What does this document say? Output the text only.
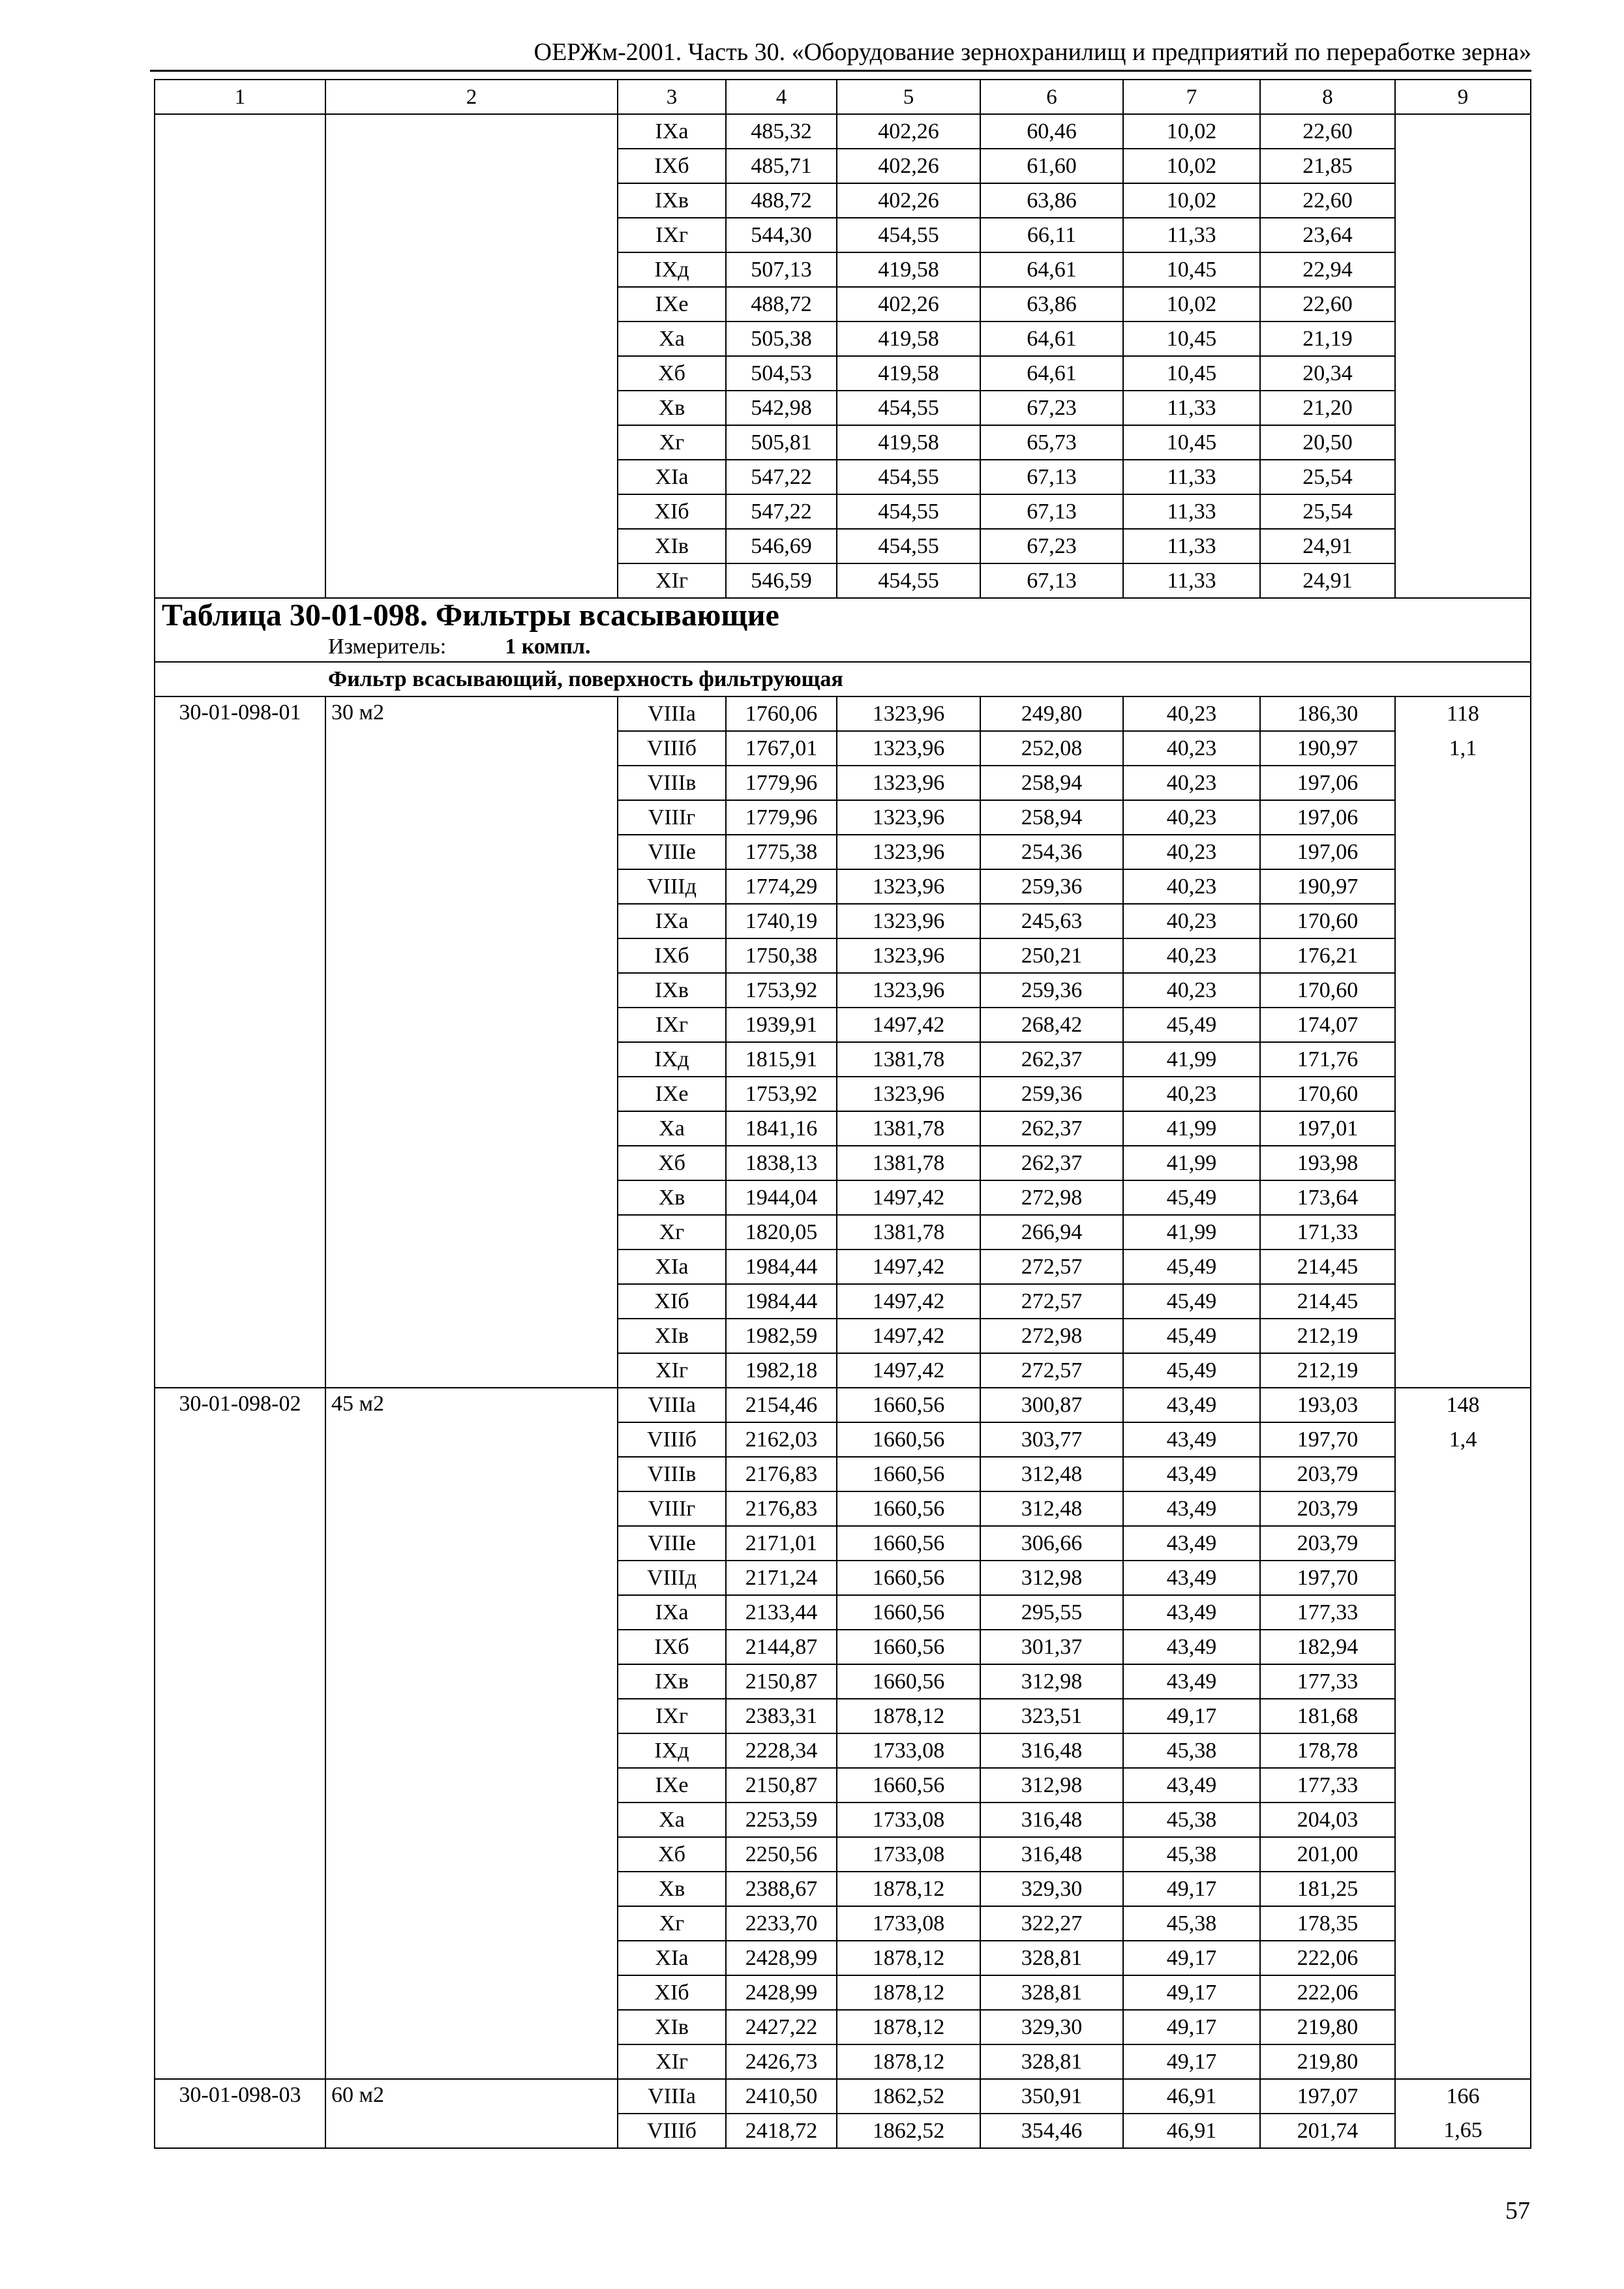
ОЕРЖм-2001. Часть 30. «Оборудование зернохранилищ и предприятий по переработке зерна»
1	2	3	4	5	6	7	8	9
		IXa	485,32	402,26	60,46	10,02	22,60	
		IXб	485,71	402,26	61,60	10,02	21,85	
		IXв	488,72	402,26	63,86	10,02	22,60	
		IXг	544,30	454,55	66,11	11,33	23,64	
		IXд	507,13	419,58	64,61	10,45	22,94	
		IXe	488,72	402,26	63,86	10,02	22,60	
		Xa	505,38	419,58	64,61	10,45	21,19	
		Xб	504,53	419,58	64,61	10,45	20,34	
		Xв	542,98	454,55	67,23	11,33	21,20	
		Xг	505,81	419,58	65,73	10,45	20,50	
		XIa	547,22	454,55	67,13	11,33	25,54	
		XIб	547,22	454,55	67,13	11,33	25,54	
		XIв	546,69	454,55	67,23	11,33	24,91	
		XIг	546,59	454,55	67,13	11,33	24,91	
Таблица 30-01-098. Фильтры всасывающие								
Измеритель: 1 компл.								
Фильтр всасывающий, поверхность фильтрующая								
30-01-098-01	30 м2	VIIIa	1760,06	1323,96	249,80	40,23	186,30	118
		VIIIб	1767,01	1323,96	252,08	40,23	190,97	1,1
		VIIIв	1779,96	1323,96	258,94	40,23	197,06	
		VIIIг	1779,96	1323,96	258,94	40,23	197,06	
		VIIIe	1775,38	1323,96	254,36	40,23	197,06	
		VIIIд	1774,29	1323,96	259,36	40,23	190,97	
		IXa	1740,19	1323,96	245,63	40,23	170,60	
		IXб	1750,38	1323,96	250,21	40,23	176,21	
		IXв	1753,92	1323,96	259,36	40,23	170,60	
		IXг	1939,91	1497,42	268,42	45,49	174,07	
		IXд	1815,91	1381,78	262,37	41,99	171,76	
		IXe	1753,92	1323,96	259,36	40,23	170,60	
		Xa	1841,16	1381,78	262,37	41,99	197,01	
		Xб	1838,13	1381,78	262,37	41,99	193,98	
		Xв	1944,04	1497,42	272,98	45,49	173,64	
		Xг	1820,05	1381,78	266,94	41,99	171,33	
		XIa	1984,44	1497,42	272,57	45,49	214,45	
		XIб	1984,44	1497,42	272,57	45,49	214,45	
		XIв	1982,59	1497,42	272,98	45,49	212,19	
		XIг	1982,18	1497,42	272,57	45,49	212,19	
30-01-098-02	45 м2	VIIIa	2154,46	1660,56	300,87	43,49	193,03	148
		VIIIб	2162,03	1660,56	303,77	43,49	197,70	1,4
		VIIIв	2176,83	1660,56	312,48	43,49	203,79	
		VIIIг	2176,83	1660,56	312,48	43,49	203,79	
		VIIIe	2171,01	1660,56	306,66	43,49	203,79	
		VIIIд	2171,24	1660,56	312,98	43,49	197,70	
		IXa	2133,44	1660,56	295,55	43,49	177,33	
		IXб	2144,87	1660,56	301,37	43,49	182,94	
		IXв	2150,87	1660,56	312,98	43,49	177,33	
		IXг	2383,31	1878,12	323,51	49,17	181,68	
		IXд	2228,34	1733,08	316,48	45,38	178,78	
		IXe	2150,87	1660,56	312,98	43,49	177,33	
		Xa	2253,59	1733,08	316,48	45,38	204,03	
		Xб	2250,56	1733,08	316,48	45,38	201,00	
		Xв	2388,67	1878,12	329,30	49,17	181,25	
		Xг	2233,70	1733,08	322,27	45,38	178,35	
		XIa	2428,99	1878,12	328,81	49,17	222,06	
		XIб	2428,99	1878,12	328,81	49,17	222,06	
		XIв	2427,22	1878,12	329,30	49,17	219,80	
		XIг	2426,73	1878,12	328,81	49,17	219,80	
30-01-098-03	60 м2	VIIIa	2410,50	1862,52	350,91	46,91	197,07	166
		VIIIб	2418,72	1862,52	354,46	46,91	201,74	1,65
57
